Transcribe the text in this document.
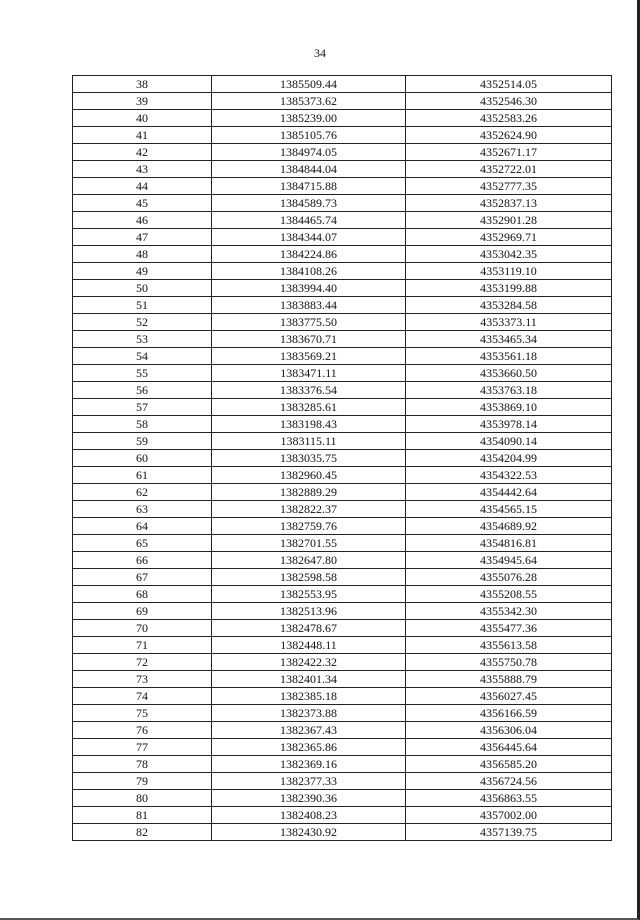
34
38	1385509.44	4352514.05
39	1385373.62	4352546.30
40	1385239.00	4352583.26
41	1385105.76	4352624.90
42	1384974.05	4352671.17
43	1384844.04	4352722.01
44	1384715.88	4352777.35
45	1384589.73	4352837.13
46	1384465.74	4352901.28
47	1384344.07	4352969.71
48	1384224.86	4353042.35
49	1384108.26	4353119.10
50	1383994.40	4353199.88
51	1383883.44	4353284.58
52	1383775.50	4353373.11
53	1383670.71	4353465.34
54	1383569.21	4353561.18
55	1383471.11	4353660.50
56	1383376.54	4353763.18
57	1383285.61	4353869.10
58	1383198.43	4353978.14
59	1383115.11	4354090.14
60	1383035.75	4354204.99
61	1382960.45	4354322.53
62	1382889.29	4354442.64
63	1382822.37	4354565.15
64	1382759.76	4354689.92
65	1382701.55	4354816.81
66	1382647.80	4354945.64
67	1382598.58	4355076.28
68	1382553.95	4355208.55
69	1382513.96	4355342.30
70	1382478.67	4355477.36
71	1382448.11	4355613.58
72	1382422.32	4355750.78
73	1382401.34	4355888.79
74	1382385.18	4356027.45
75	1382373.88	4356166.59
76	1382367.43	4356306.04
77	1382365.86	4356445.64
78	1382369.16	4356585.20
79	1382377.33	4356724.56
80	1382390.36	4356863.55
81	1382408.23	4357002.00
82	1382430.92	4357139.75
